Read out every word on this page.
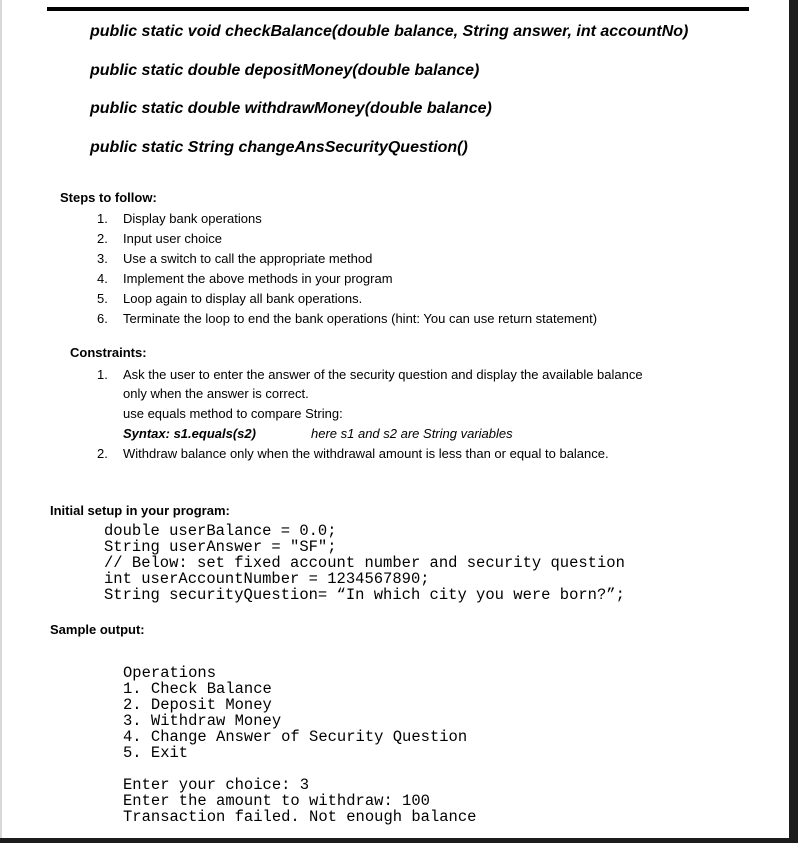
public static void checkBalance(double balance, String answer, int accountNo)

public static double depositMoney(double balance)

public static double withdrawMoney(double balance)

public static String changeAnsSecurityQuestion()

Steps to follow:

1. Display bank operations
2. Input user choice
3. Use a switch to call the appropriate method
4. Implement the above methods in your program
5. Loop again to display all bank operations.
6. Terminate the loop to end the bank operations (hint: You can use return statement)

Constraints:

1. Ask the user to enter the answer of the security question and display the available balance
only when the answer is correct.
use equals method to compare String:
Syntax: s1.equals(s2)	here s1 and s2 are String variables
2. Withdraw balance only when the withdrawal amount is less than or equal to balance.

Initial setup in your program:

double userBalance = 0.0;
String userAnswer = "SF";
// Below: set fixed account number and security question
int userAccountNumber = 1234567890;
String securityQuestion= “In which city you were born?”;

Sample output:

Operations
1. Check Balance
2. Deposit Money
3. Withdraw Money
4. Change Answer of Security Question
5. Exit
Enter your choice: 3
Enter the amount to withdraw: 100
Transaction failed. Not enough balance
